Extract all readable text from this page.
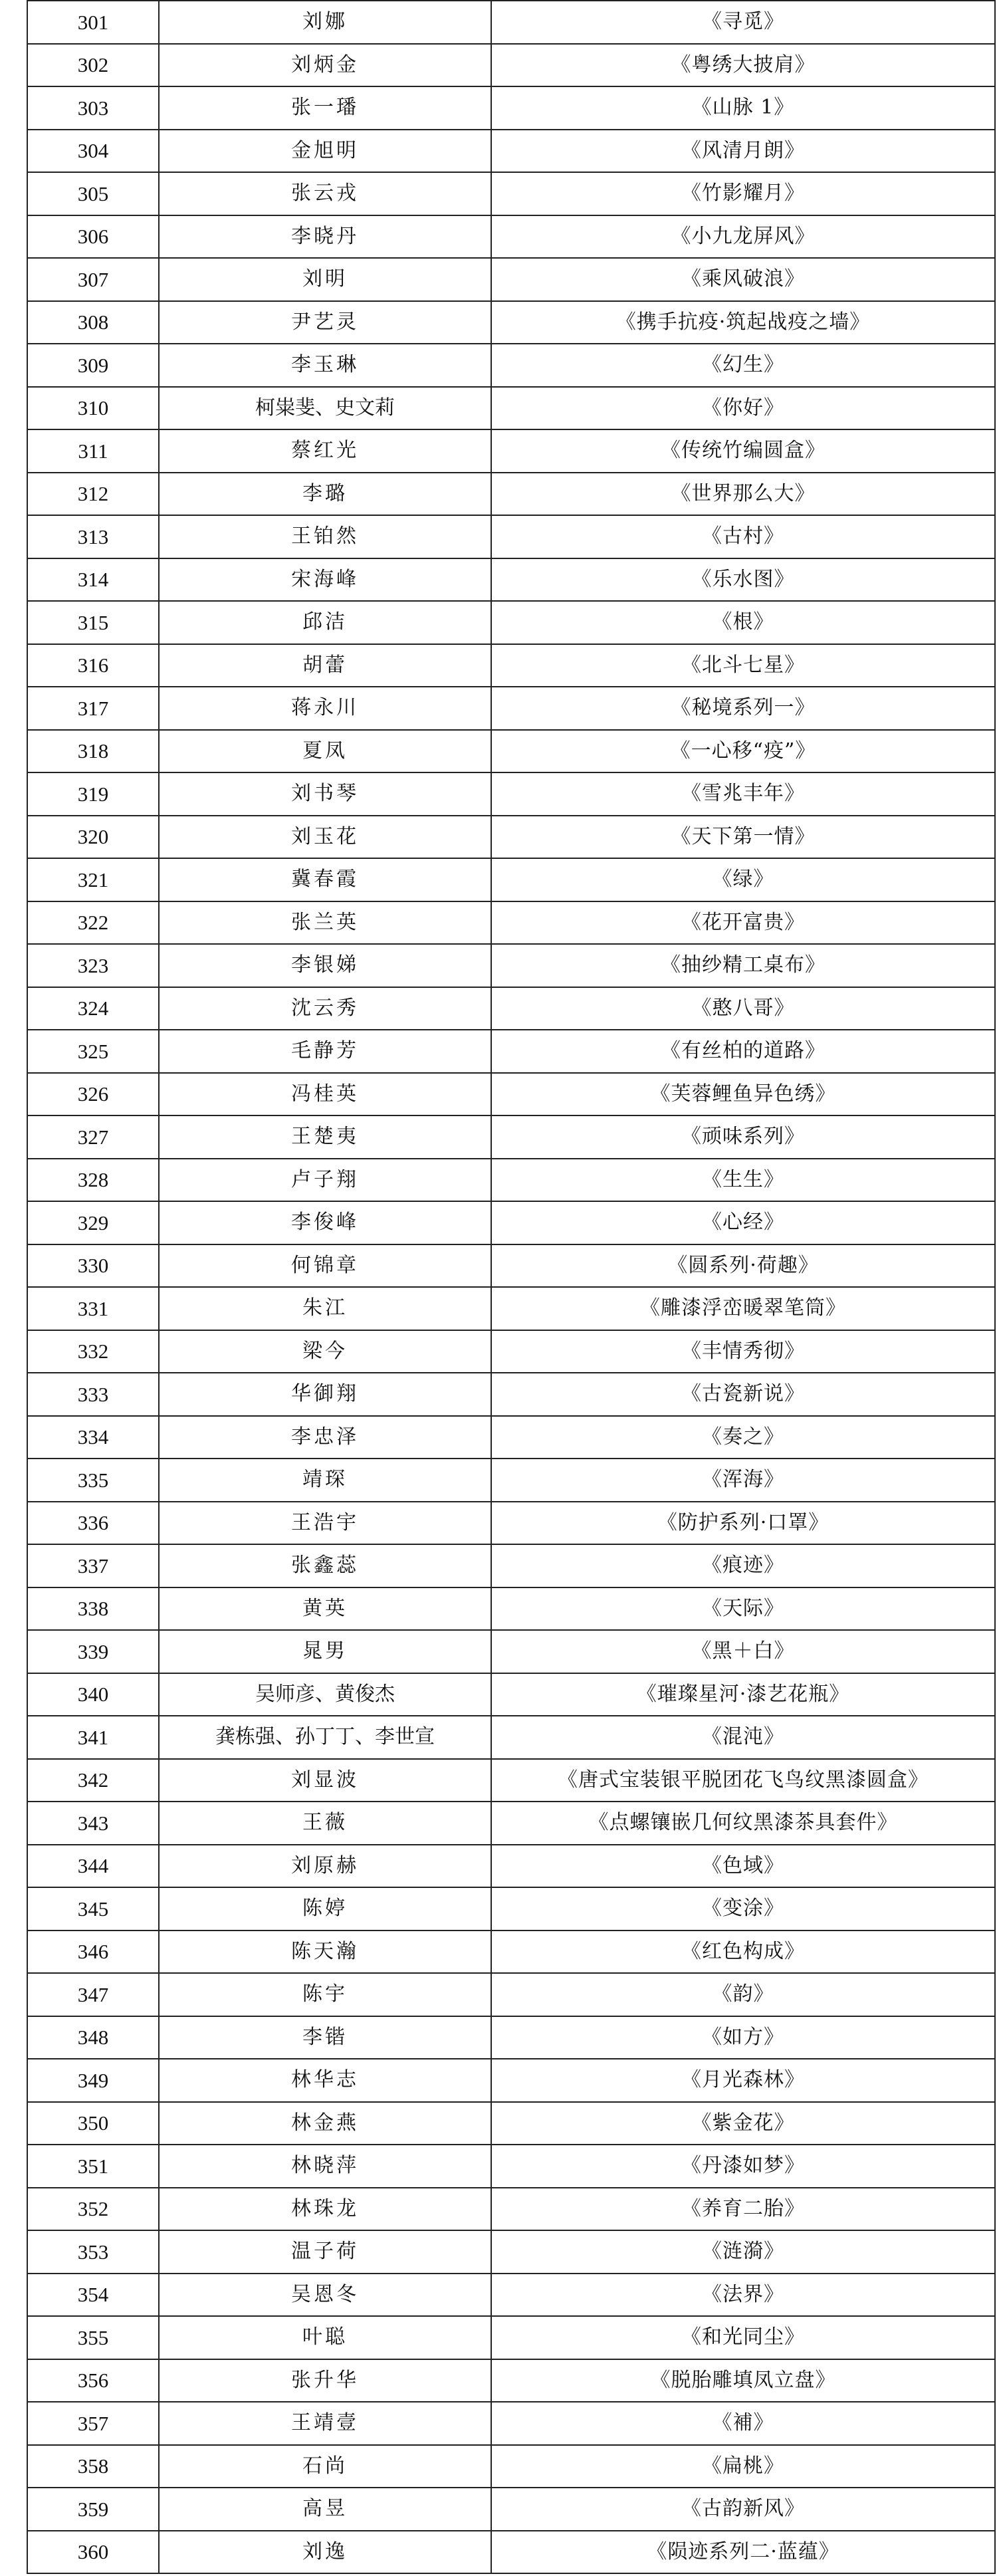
301	刘娜	《寻觅》
302	刘炳金	《粤绣大披肩》
303	张一璠	《山脉 1》
304	金旭明	《风清月朗》
305	张云戎	《竹影耀月》
306	李晓丹	《小九龙屏风》
307	刘明	《乘风破浪》
308	尹艺灵	《携手抗疫·筑起战疫之墙》
309	李玉琳	《幻生》
310	柯粜斐、史文莉	《你好》
311	蔡红光	《传统竹编圆盒》
312	李璐	《世界那么大》
313	王铂然	《古村》
314	宋海峰	《乐水图》
315	邱洁	《根》
316	胡蕾	《北斗七星》
317	蒋永川	《秘境系列一》
318	夏凤	《一心移“疫”》
319	刘书琴	《雪兆丰年》
320	刘玉花	《天下第一情》
321	冀春霞	《绿》
322	张兰英	《花开富贵》
323	李银娣	《抽纱精工桌布》
324	沈云秀	《憨八哥》
325	毛静芳	《有丝柏的道路》
326	冯桂英	《芙蓉鲤鱼异色绣》
327	王楚夷	《顽味系列》
328	卢子翔	《生生》
329	李俊峰	《心经》
330	何锦章	《圆系列·荷趣》
331	朱江	《雕漆浮峦暖翠笔筒》
332	梁今	《丰情秀彻》
333	华御翔	《古瓷新说》
334	李忠泽	《奏之》
335	靖琛	《浑海》
336	王浩宇	《防护系列·口罩》
337	张鑫蕊	《痕迹》
338	黄英	《天际》
339	晁男	《黑＋白》
340	吴师彦、黄俊杰	《璀璨星河·漆艺花瓶》
341	龚栋强、孙丁丁、李世宣	《混沌》
342	刘显波	《唐式宝装银平脱团花飞鸟纹黑漆圆盒》
343	王薇	《点螺镶嵌几何纹黑漆茶具套件》
344	刘原赫	《色域》
345	陈婷	《变涂》
346	陈天瀚	《红色构成》
347	陈宇	《韵》
348	李锴	《如方》
349	林华志	《月光森林》
350	林金燕	《紫金花》
351	林晓萍	《丹漆如梦》
352	林珠龙	《养育二胎》
353	温子荷	《涟漪》
354	吴恩冬	《法界》
355	叶聪	《和光同尘》
356	张升华	《脱胎雕填凤立盘》
357	王靖壹	《補》
358	石尚	《扁桃》
359	高昱	《古韵新风》
360	刘逸	《陨迹系列二·蓝蕴》
